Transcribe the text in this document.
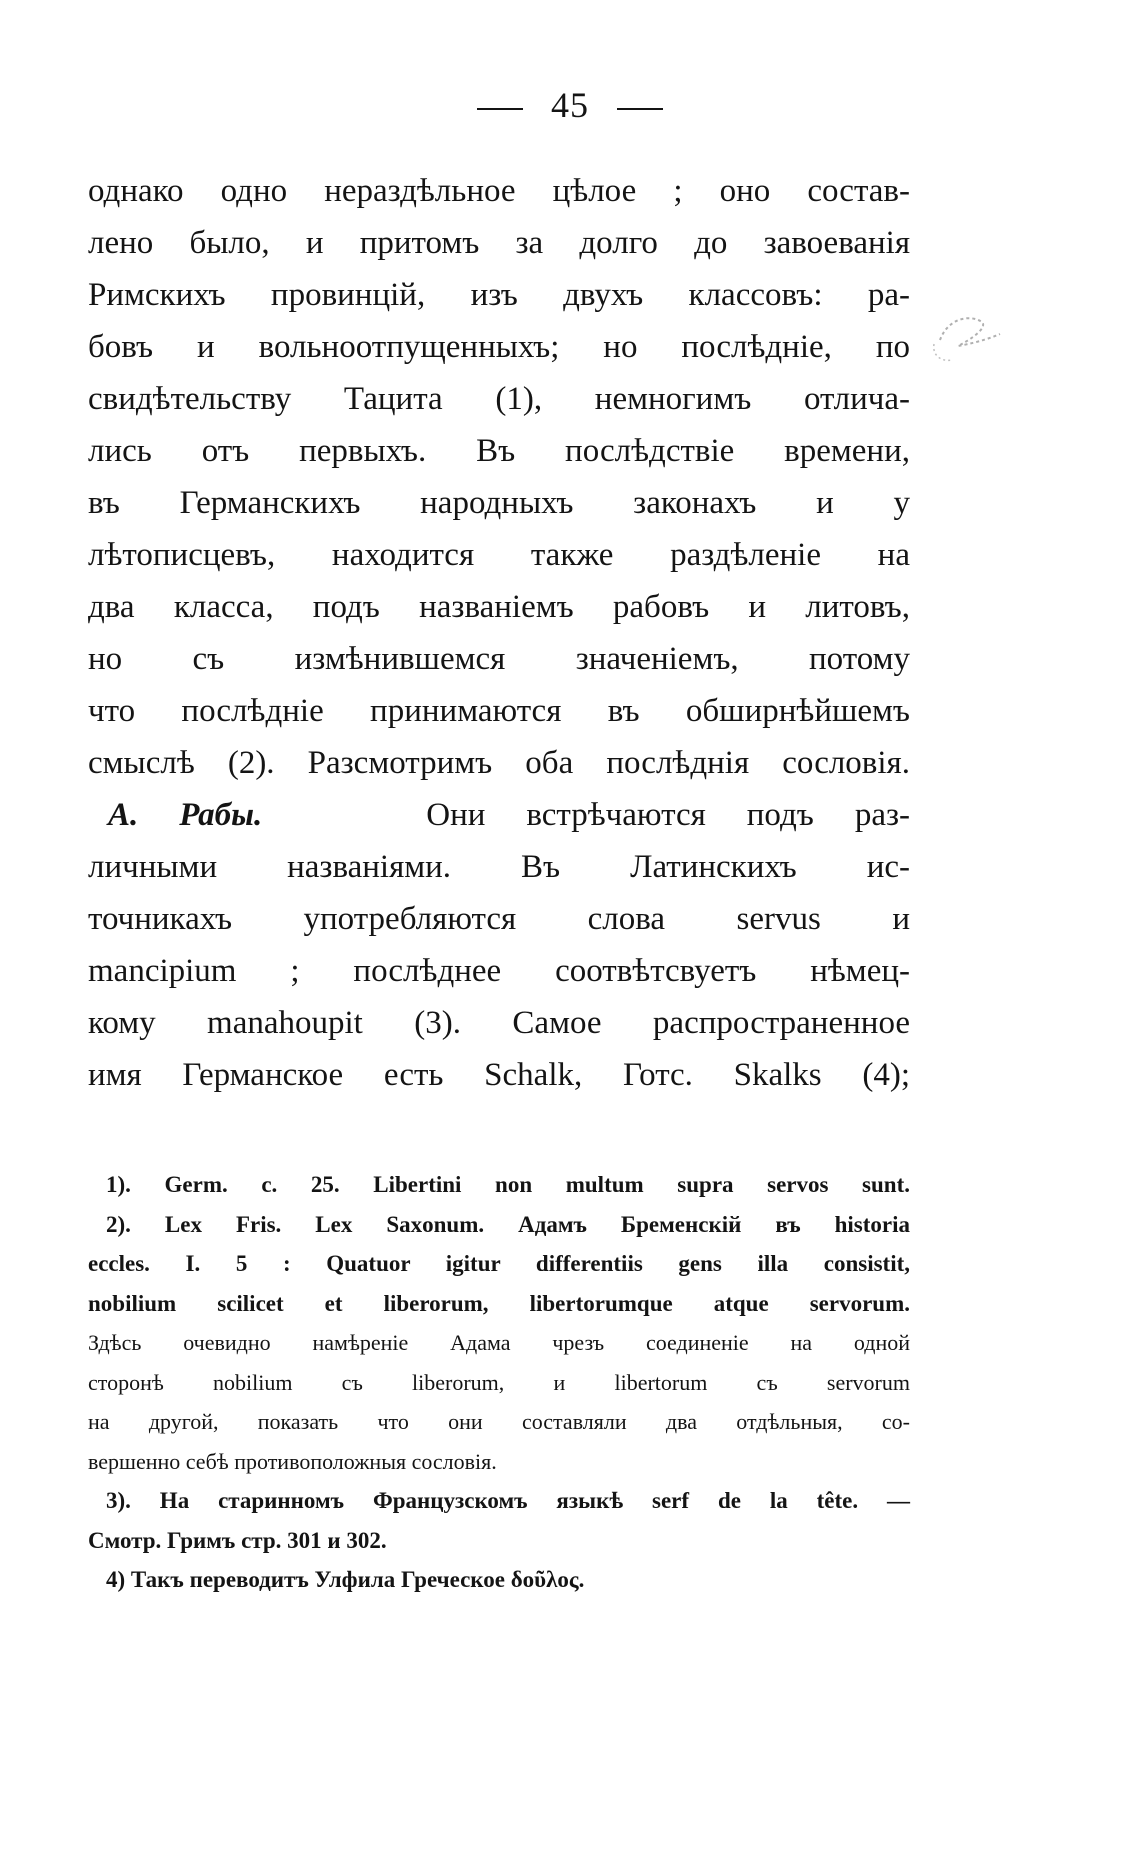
45
однако одно нераздѣльное цѣлое ; оно состав-
лено было, и притомъ за долго до завоеванія
Римскихъ провинцій, изъ двухъ классовъ: ра-
бовъ и вольноотпущенныхъ; но послѣдніе, по
свидѣтельству Тацита (1), немногимъ отлича-
лись отъ первыхъ. Въ послѣдствіе времени,
въ Германскихъ народныхъ законахъ и у
лѣтописцевъ, находится также раздѣленіе на
два класса, подъ названіемъ рабовъ и литовъ,
но съ измѣнившемся значеніемъ, потому
что послѣдніе принимаются въ обширнѣйшемъ
смыслѣ (2). Разсмотримъ оба послѣднія сословія.
А. Рабы.	Они встрѣчаются подъ раз-
личными названіями. Въ Латинскихъ ис-
точникахъ употребляются слова servus и
mancipium ; послѣднее соотвѣтсвуетъ нѣмец-
кому manahoupit (3). Самое распространенное
имя Германское есть Schalk, Готс. Skalks (4);
1). Germ. c. 25. Libertini non multum supra servos sunt.
2). Lex Fris. Lex Saxonum. Адамъ Бременскій въ historia
eccles. I. 5 : Quatuor igitur differentiis gens illa consistit,
nobilium scilicet et liberorum, libertorumque atque servorum.
Здѣсь очевидно намѣреніе Адама чрезъ соединеніе на одной
сторонѣ nobilium съ liberorum, и libertorum съ servorum
на другой, показать что они составляли два отдѣльныя, со-
вершенно себѣ противоположныя сословія.
3). На старинномъ Французскомъ языкѣ serf de la tête. —
Смотр. Гримъ стр. 301 и 302.
4) Такъ переводитъ Улфила Греческое δοῦλος.
